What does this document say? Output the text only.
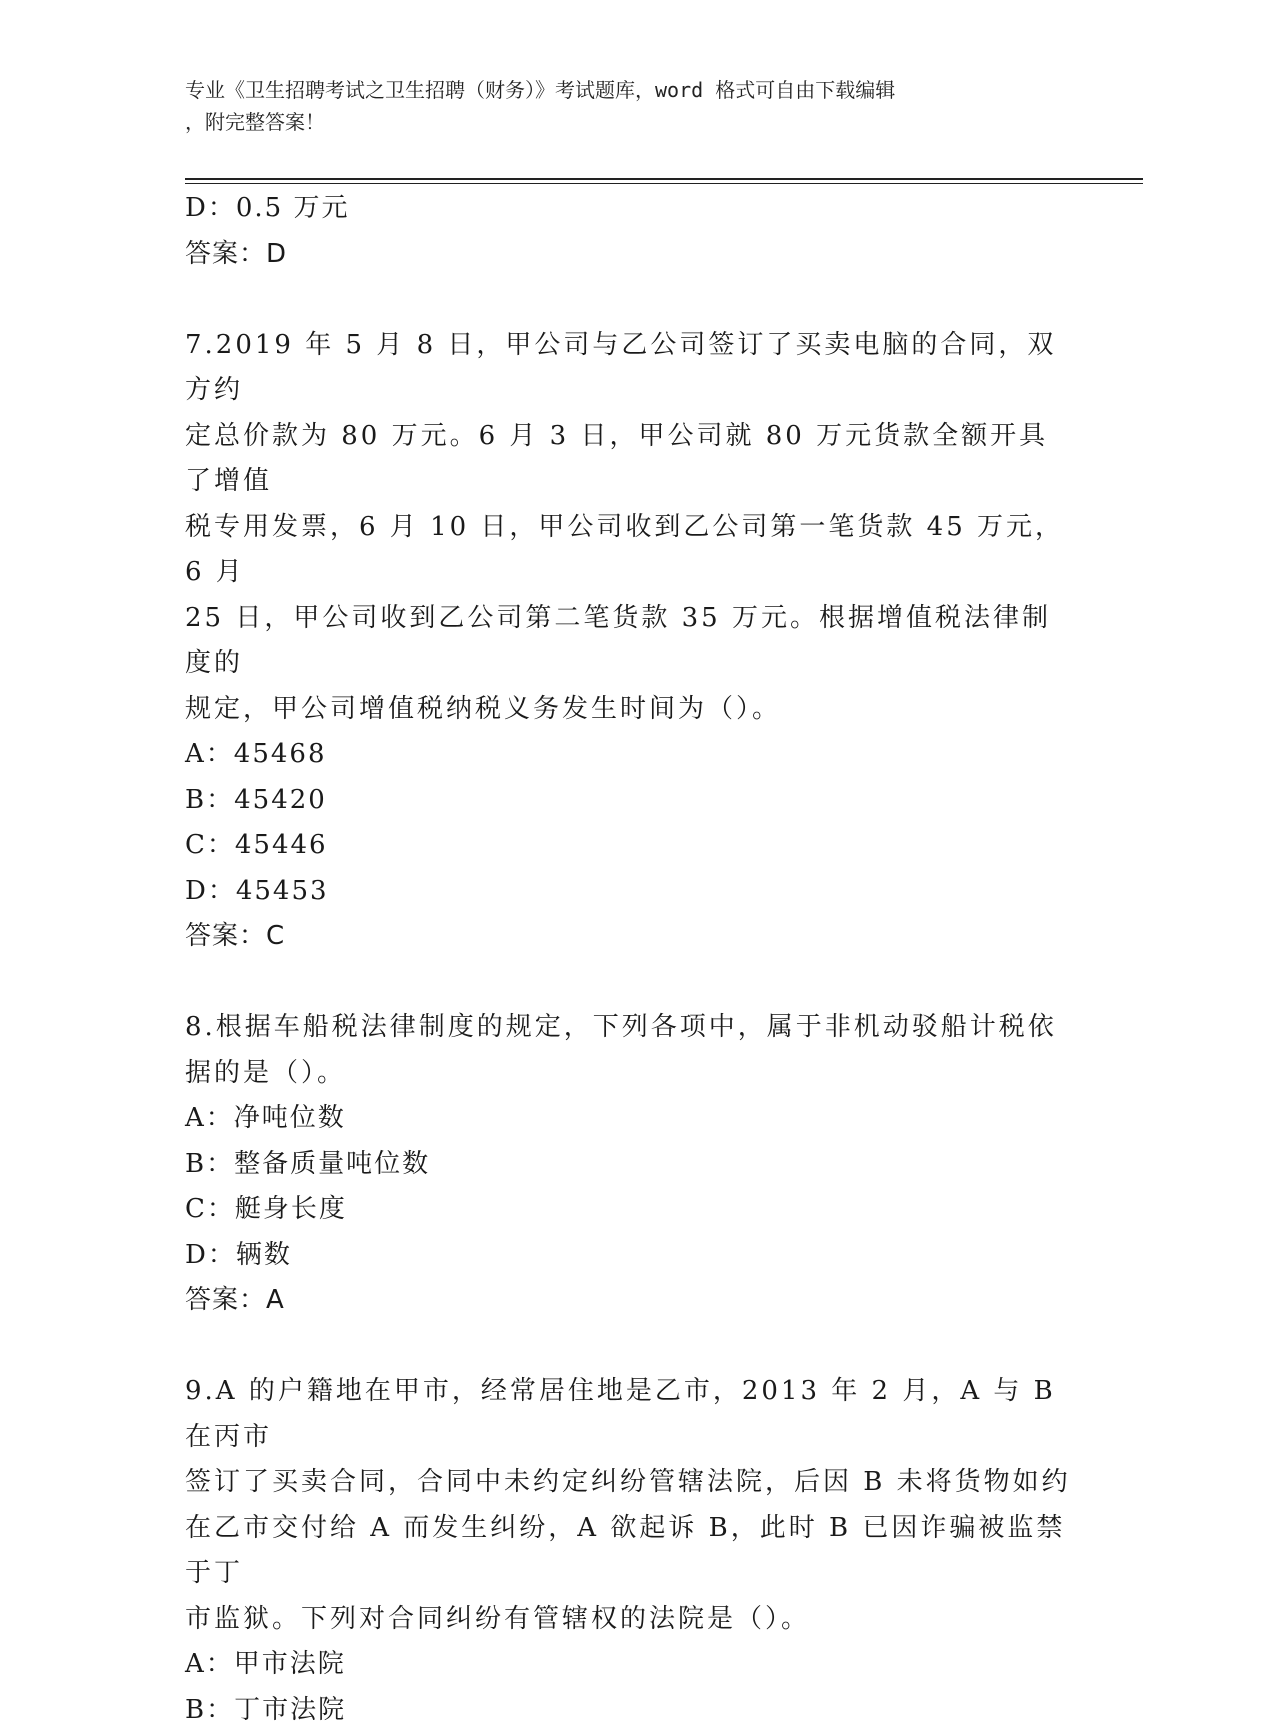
专业《卫生招聘考试之卫生招聘（财务）》考试题库，word 格式可自由下载编辑
，附完整答案！
D：0.5 万元
答案：D
7.2019 年 5 月 8 日，甲公司与乙公司签订了买卖电脑的合同，双方约
定总价款为 80 万元。6 月 3 日，甲公司就 80 万元货款全额开具了增值
税专用发票，6 月 10 日，甲公司收到乙公司第一笔货款 45 万元，6 月
25 日，甲公司收到乙公司第二笔货款 35 万元。根据增值税法律制度的
规定，甲公司增值税纳税义务发生时间为（）。
A：45468
B：45420
C：45446
D：45453
答案：C
8.根据车船税法律制度的规定，下列各项中，属于非机动驳船计税依
据的是（）。
A：净吨位数
B：整备质量吨位数
C：艇身长度
D：辆数
答案：A
9.A 的户籍地在甲市，经常居住地是乙市，2013 年 2 月，A 与 B 在丙市
签订了买卖合同，合同中未约定纠纷管辖法院，后因 B 未将货物如约
在乙市交付给 A 而发生纠纷，A 欲起诉 B，此时 B 已因诈骗被监禁于丁
市监狱。下列对合同纠纷有管辖权的法院是（）。
A：甲市法院
B：丁市法院
